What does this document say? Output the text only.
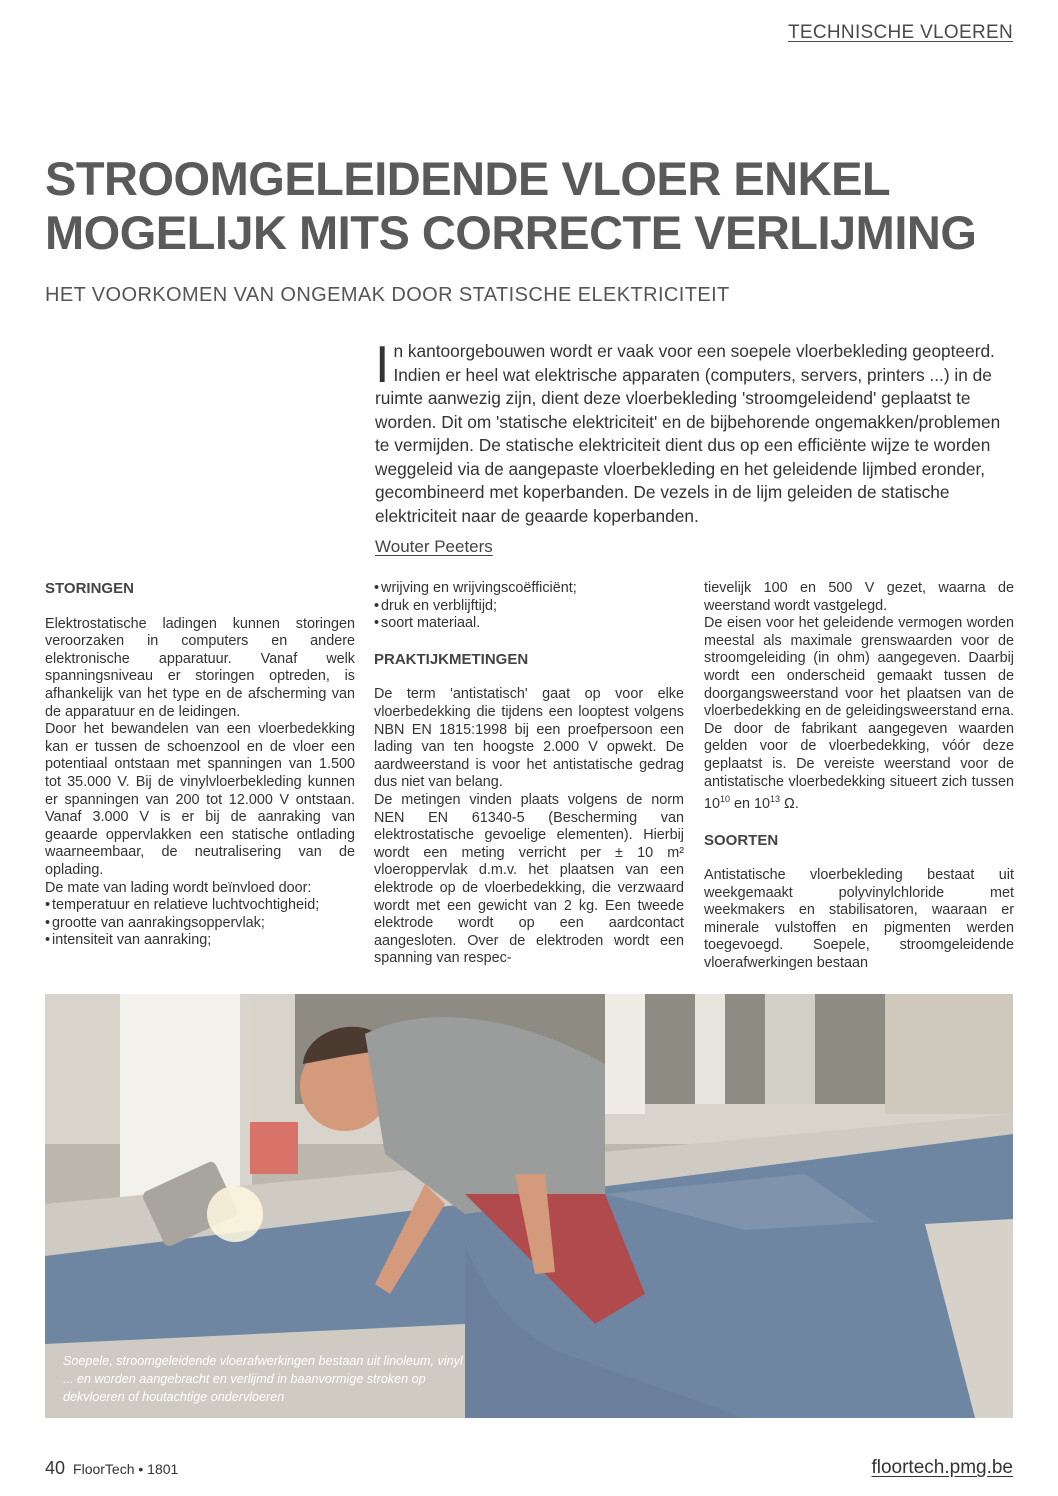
TECHNISCHE VLOEREN
STROOMGELEIDENDE VLOER ENKEL MOGELIJK MITS CORRECTE VERLIJMING
HET VOORKOMEN VAN ONGEMAK DOOR STATISCHE ELEKTRICITEIT

In kantoorgebouwen wordt er vaak voor een soepele vloerbekleding geopteerd. Indien er heel wat elektrische apparaten (computers, servers, printers ...) in de ruimte aanwezig zijn, dient deze vloerbekleding 'stroomgeleidend' geplaatst te worden. Dit om 'statische elektriciteit' en de bijbehorende ongemakken/problemen te vermijden. De statische elektriciteit dient dus op een efficiënte wijze te worden weggeleid via de aangepaste vloerbekleding en het geleidende lijmbed eronder, gecombineerd met koperbanden. De vezels in de lijm geleiden de statische elektriciteit naar de geaarde koperbanden.

Wouter Peeters
STORINGEN

Elektrostatische ladingen kunnen storingen veroorzaken in computers en andere elektronische apparatuur. Vanaf welk spanningsniveau er storingen optreden, is afhankelijk van het type en de afscherming van de apparatuur en de leidingen.

Door het bewandelen van een vloerbedekking kan er tussen de schoenzool en de vloer een potentiaal ontstaan met spanningen van 1.500 tot 35.000 V. Bij de vinylvloerbekleding kunnen er spanningen van 200 tot 12.000 V ontstaan. Vanaf 3.000 V is er bij de aanraking van geaarde oppervlakken een statische ontlading waarneembaar, de neutralisering van de oplading.

De mate van lading wordt beïnvloed door:

• temperatuur en relatieve luchtvochtigheid;
• grootte van aanrakingsoppervlak;
• intensiteit van aanraking;
• wrijving en wrijvingscoëfficiënt;
• druk en verblijftijd;
• soort materiaal.
PRAKTIJKMETINGEN

De term 'antistatisch' gaat op voor elke vloerbedekking die tijdens een looptest volgens NBN EN 1815:1998 bij een proefpersoon een lading van ten hoogste 2.000 V opwekt. De aardweerstand is voor het antistatische gedrag dus niet van belang.

De metingen vinden plaats volgens de norm NEN EN 61340-5 (Bescherming van elektrostatische gevoelige elementen). Hierbij wordt een meting verricht per ± 10 m² vloeroppervlak d.m.v. het plaatsen van een elektrode op de vloerbedekking, die verzwaard wordt met een gewicht van 2 kg. Een tweede elektrode wordt op een aardcontact aangesloten. Over de elektroden wordt een spanning van respec-

tievelijk 100 en 500 V gezet, waarna de weerstand wordt vastgelegd.

De eisen voor het geleidende vermogen worden meestal als maximale grenswaarden voor de stroomgeleiding (in ohm) aangegeven. Daarbij wordt een onderscheid gemaakt tussen de doorgangsweerstand voor het plaatsen van de vloerbedekking en de geleidingsweerstand erna. De door de fabrikant aangegeven waarden gelden voor de vloerbedekking, vóór deze geplaatst is. De vereiste weerstand voor de antistatische vloerbedekking situeert zich tussen $10^{10}$ en $10^{13}$ Ω.

SOORTEN

Antistatische vloerbekleding bestaat uit weekgemaakt polyvinylchloride met weekmakers en stabilisatoren, waaraan er minerale vulstoffen en pigmenten werden toegevoegd. Soepele, stroomgeleidende vloerafwerkingen bestaan

Soepele, stroomgeleidende vloerafwerkingen bestaan uit linoleum, vinyl ... en worden aangebracht en verlijmd in baanvormige stroken op dekvloeren of houtachtige ondervloeren
40 FloorTech • 1801	floortech.pmg.be
